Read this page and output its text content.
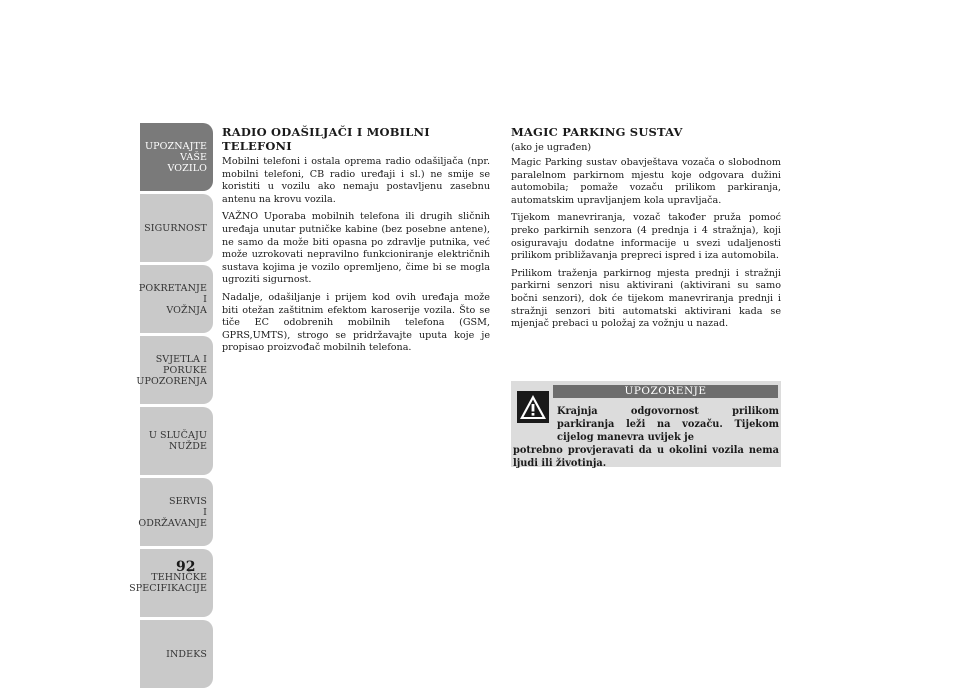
UPOZNAJTE
VAŠE
VOZILO
SIGURNOST
POKRETANJE
I
VOŽNJA
SVJETLA I
PORUKE
UPOZORENJA
U SLUČAJU
NUŽDE
SERVIS
I
ODRŽAVANJE
TEHNIČKE
SPECIFIKACIJE
INDEKS
92
RADIO ODAŠILJAČI I MOBILNI TELEFONI

Mobilni telefoni i ostala oprema radio odašiljača (npr. mobilni telefoni, CB radio uređaji i sl.) ne smije se koristiti u vozilu ako nemaju postavljenu zasebnu antenu na krovu vozila.

VAŽNO Uporaba mobilnih telefona ili drugih sličnih uređaja unutar putničke kabine (bez posebne antene), ne samo da može biti opasna po zdravlje putnika, već može uzrokovati nepravilno funkcioniranje električnih sustava kojima je vozilo opremljeno, čime bi se mogla ugroziti sigurnost.

Nadalje, odašiljanje i prijem kod ovih uređaja može biti otežan zaštitnim efektom karoserije vozila. Što se tiče EC odobrenih mobilnih telefona (GSM, GPRS,UMTS), strogo se pridržavajte uputa koje je propisao proizvođač mobilnih telefona.

MAGIC PARKING SUSTAV
(ako je ugrađen)

Magic Parking sustav obavještava vozača o slobodnom paralelnom parkirnom mjestu koje odgovara dužini automobila; pomaže vozaču prilikom parkiranja, automatskim upravljanjem kola upravljača.

Tijekom manevriranja, vozač također pruža pomoć preko parkirnih senzora (4 prednja i 4 stražnja), koji osiguravaju dodatne informacije u svezi udaljenosti prilikom približavanja prepreci ispred i iza automobila.

Prilikom traženja parkirnog mjesta prednji i stražnji parkirni senzori nisu aktivirani (aktivirani su samo bočni senzori), dok će tijekom manevriranja prednji i stražnji senzori biti automatski aktivirani kada se mjenjač prebaci u položaj za vožnju u nazad.

UPOZORENJE
Krajnja odgovornost prilikom parkiranja leži na vozaču. Tijekom cijelog manevra uvijek je
potrebno provjeravati da u okolini vozila nema ljudi ili životinja.
